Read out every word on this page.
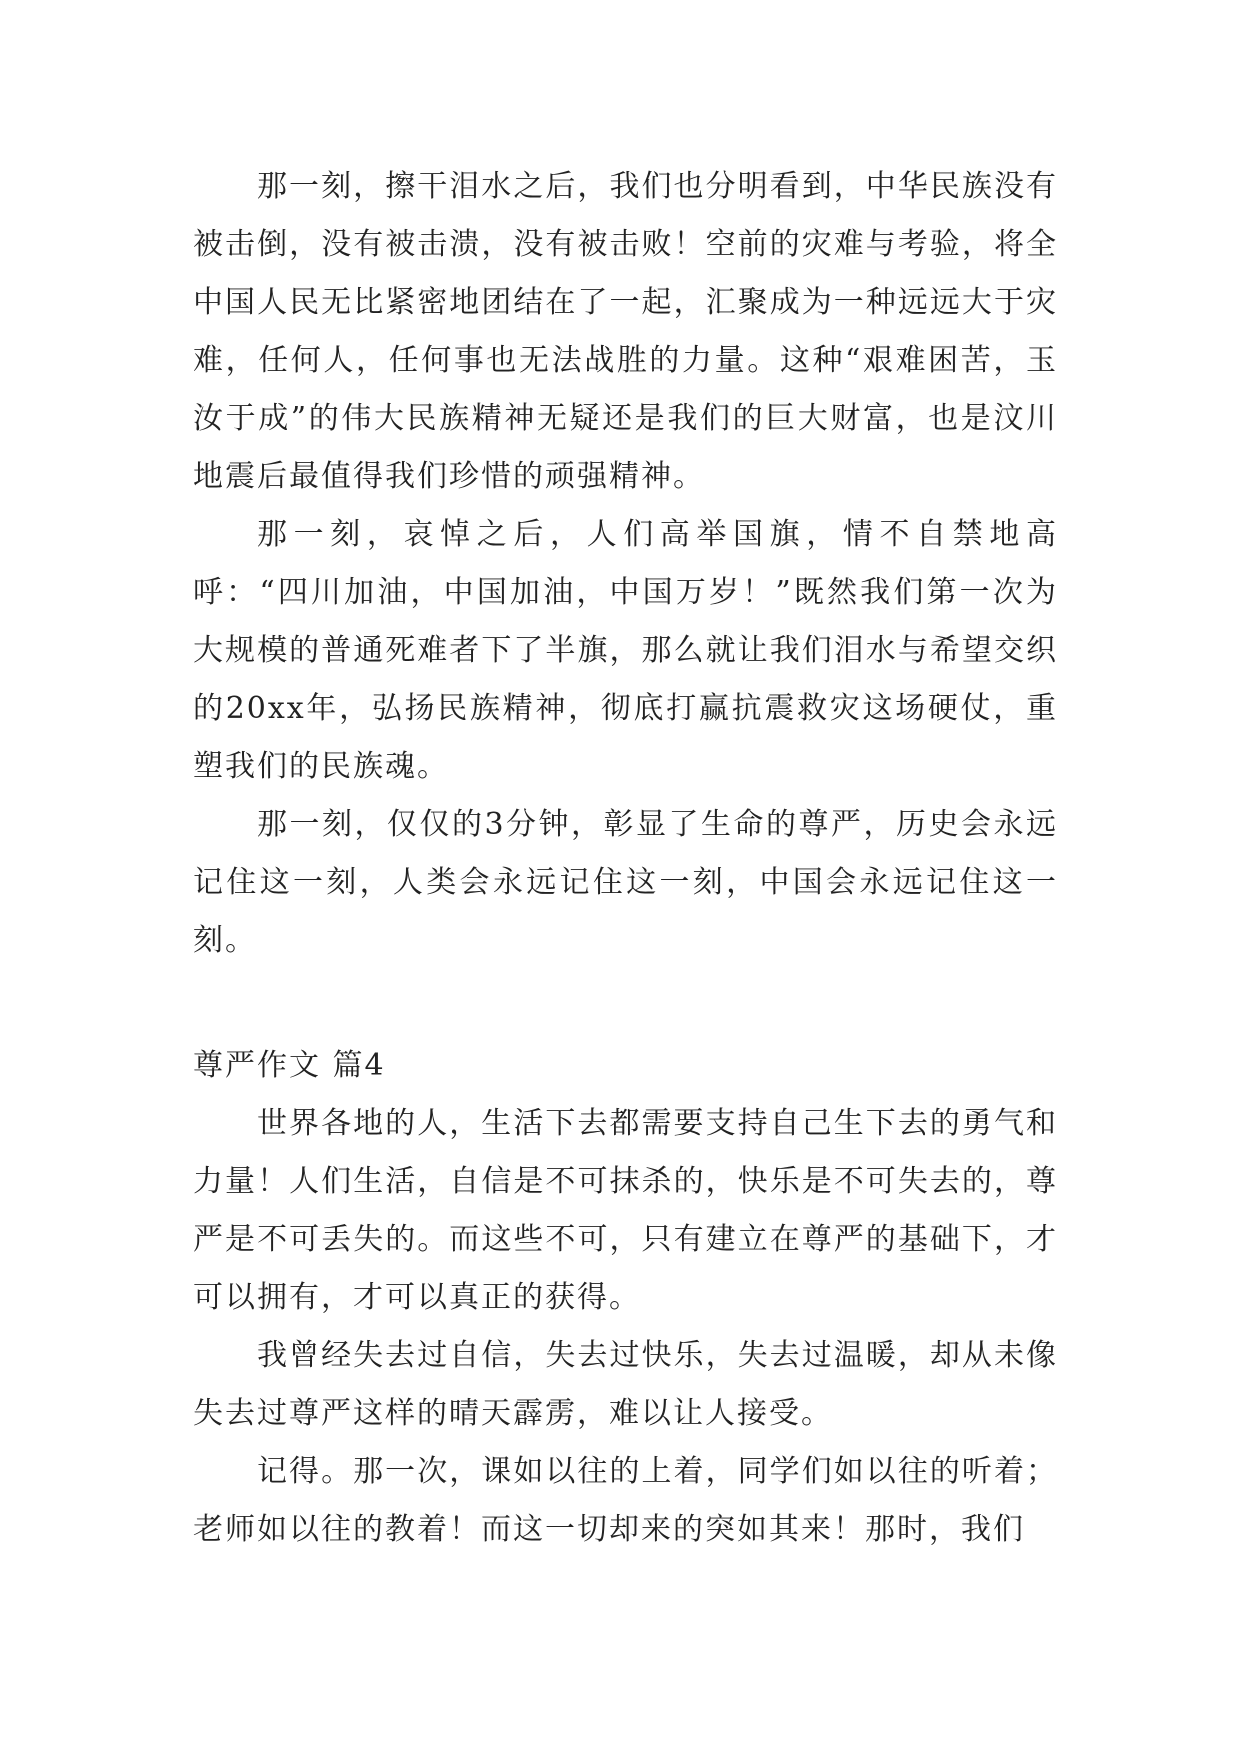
那一刻，擦干泪水之后，我们也分明看到，中华民族没有被击倒，没有被击溃，没有被击败！空前的灾难与考验，将全中国人民无比紧密地团结在了一起，汇聚成为一种远远大于灾难，任何人，任何事也无法战胜的力量。这种“艰难困苦，玉汝于成”的伟大民族精神无疑还是我们的巨大财富，也是汶川地震后最值得我们珍惜的顽强精神。

那一刻，哀悼之后，人们高举国旗，情不自禁地高呼：“四川加油，中国加油，中国万岁！”既然我们第一次为大规模的普通死难者下了半旗，那么就让我们泪水与希望交织的20xx年，弘扬民族精神，彻底打赢抗震救灾这场硬仗，重塑我们的民族魂。

那一刻，仅仅的3分钟，彰显了生命的尊严，历史会永远记住这一刻，人类会永远记住这一刻，中国会永远记住这一刻。

尊严作文 篇4

世界各地的人，生活下去都需要支持自己生下去的勇气和力量！人们生活，自信是不可抹杀的，快乐是不可失去的，尊严是不可丢失的。而这些不可，只有建立在尊严的基础下，才可以拥有，才可以真正的获得。

我曾经失去过自信，失去过快乐，失去过温暖，却从未像失去过尊严这样的晴天霹雳，难以让人接受。

记得。那一次，课如以往的上着，同学们如以往的听着；老师如以往的教着！而这一切却来的突如其来！那时，我们
